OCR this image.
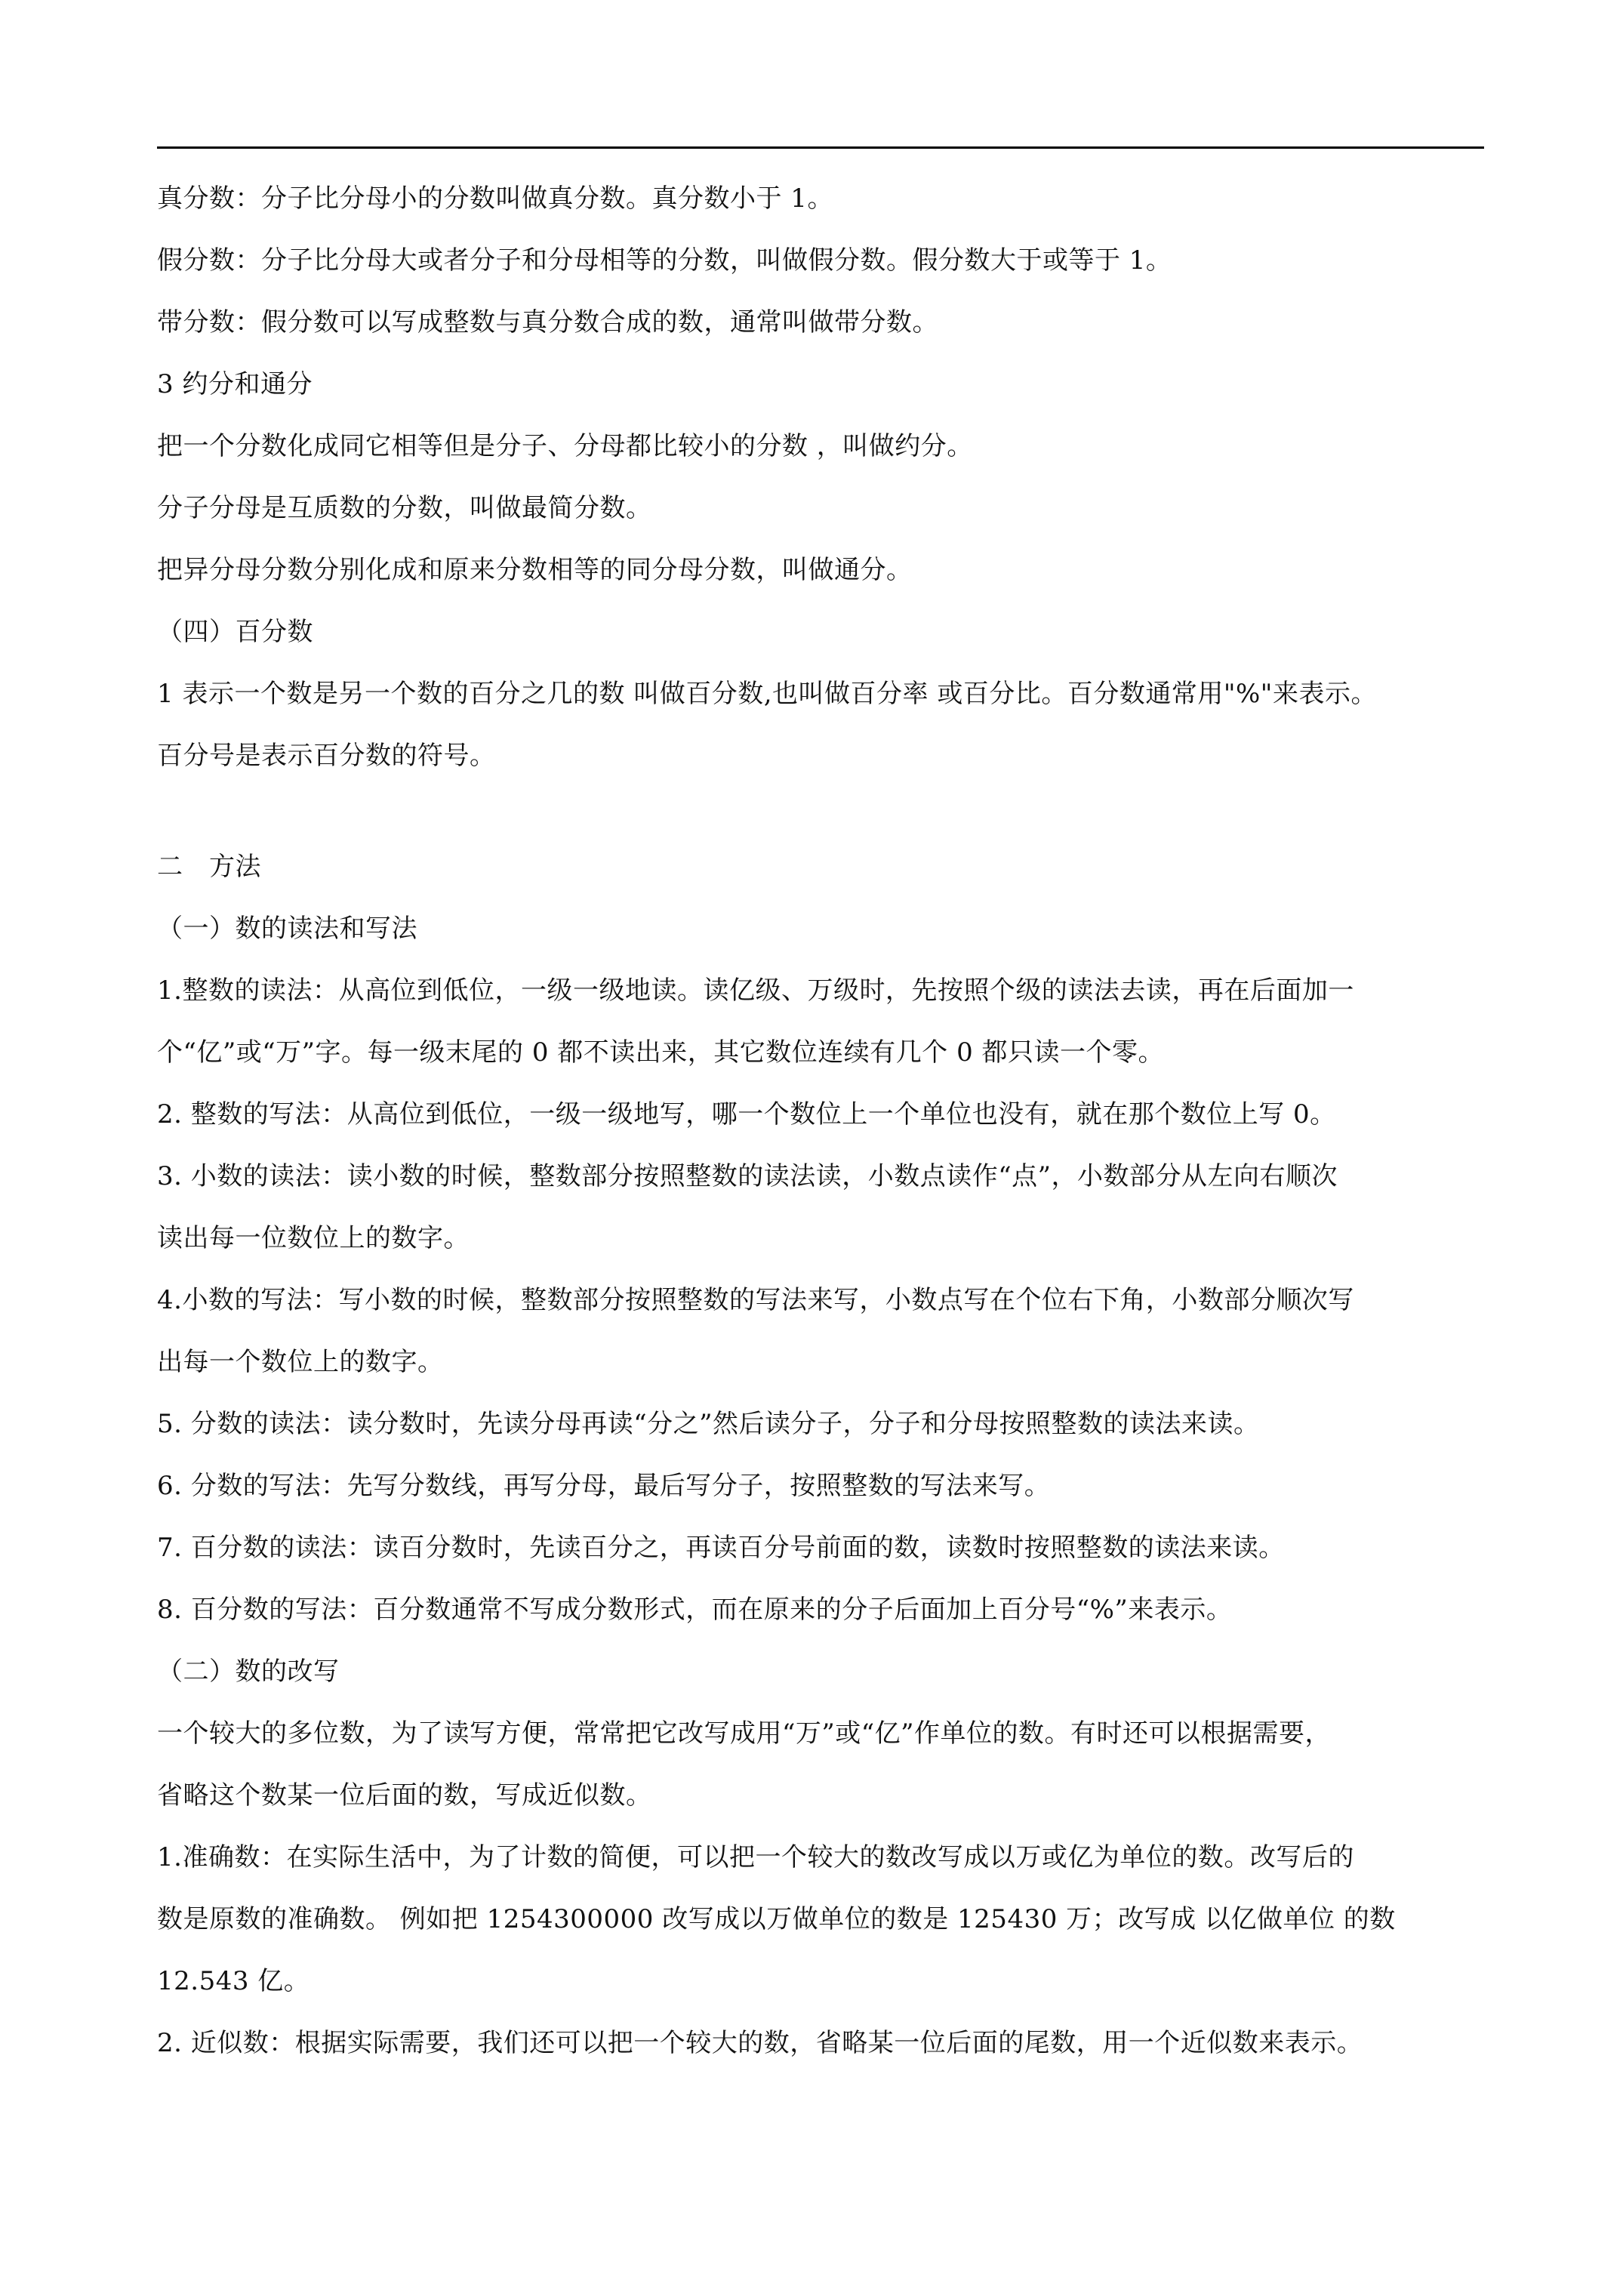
真分数：分子比分母小的分数叫做真分数。真分数小于 1。
假分数：分子比分母大或者分子和分母相等的分数，叫做假分数。假分数大于或等于 1。
带分数：假分数可以写成整数与真分数合成的数，通常叫做带分数。
3 约分和通分
把一个分数化成同它相等但是分子、分母都比较小的分数 ，叫做约分。
分子分母是互质数的分数，叫做最简分数。
把异分母分数分别化成和原来分数相等的同分母分数，叫做通分。
（四）百分数
1 表示一个数是另一个数的百分之几的数 叫做百分数,也叫做百分率 或百分比。百分数通常用"%"来表示。
百分号是表示百分数的符号。
二　方法
（一）数的读法和写法
1.整数的读法：从高位到低位，一级一级地读。读亿级、万级时，先按照个级的读法去读，再在后面加一
个“亿”或“万”字。每一级末尾的 0 都不读出来，其它数位连续有几个 0 都只读一个零。
2. 整数的写法：从高位到低位，一级一级地写，哪一个数位上一个单位也没有，就在那个数位上写 0。
3. 小数的读法：读小数的时候，整数部分按照整数的读法读，小数点读作“点”，小数部分从左向右顺次
读出每一位数位上的数字。
4.小数的写法：写小数的时候，整数部分按照整数的写法来写，小数点写在个位右下角，小数部分顺次写
出每一个数位上的数字。
5. 分数的读法：读分数时，先读分母再读“分之”然后读分子，分子和分母按照整数的读法来读。
6. 分数的写法：先写分数线，再写分母，最后写分子，按照整数的写法来写。
7. 百分数的读法：读百分数时，先读百分之，再读百分号前面的数，读数时按照整数的读法来读。
8. 百分数的写法：百分数通常不写成分数形式，而在原来的分子后面加上百分号“%”来表示。
（二）数的改写
一个较大的多位数，为了读写方便，常常把它改写成用“万”或“亿”作单位的数。有时还可以根据需要，
省略这个数某一位后面的数，写成近似数。
1.准确数：在实际生活中，为了计数的简便，可以把一个较大的数改写成以万或亿为单位的数。改写后的
数是原数的准确数。 例如把 1254300000 改写成以万做单位的数是 125430 万；改写成 以亿做单位 的数
12.543 亿。
2. 近似数：根据实际需要，我们还可以把一个较大的数，省略某一位后面的尾数，用一个近似数来表示。
